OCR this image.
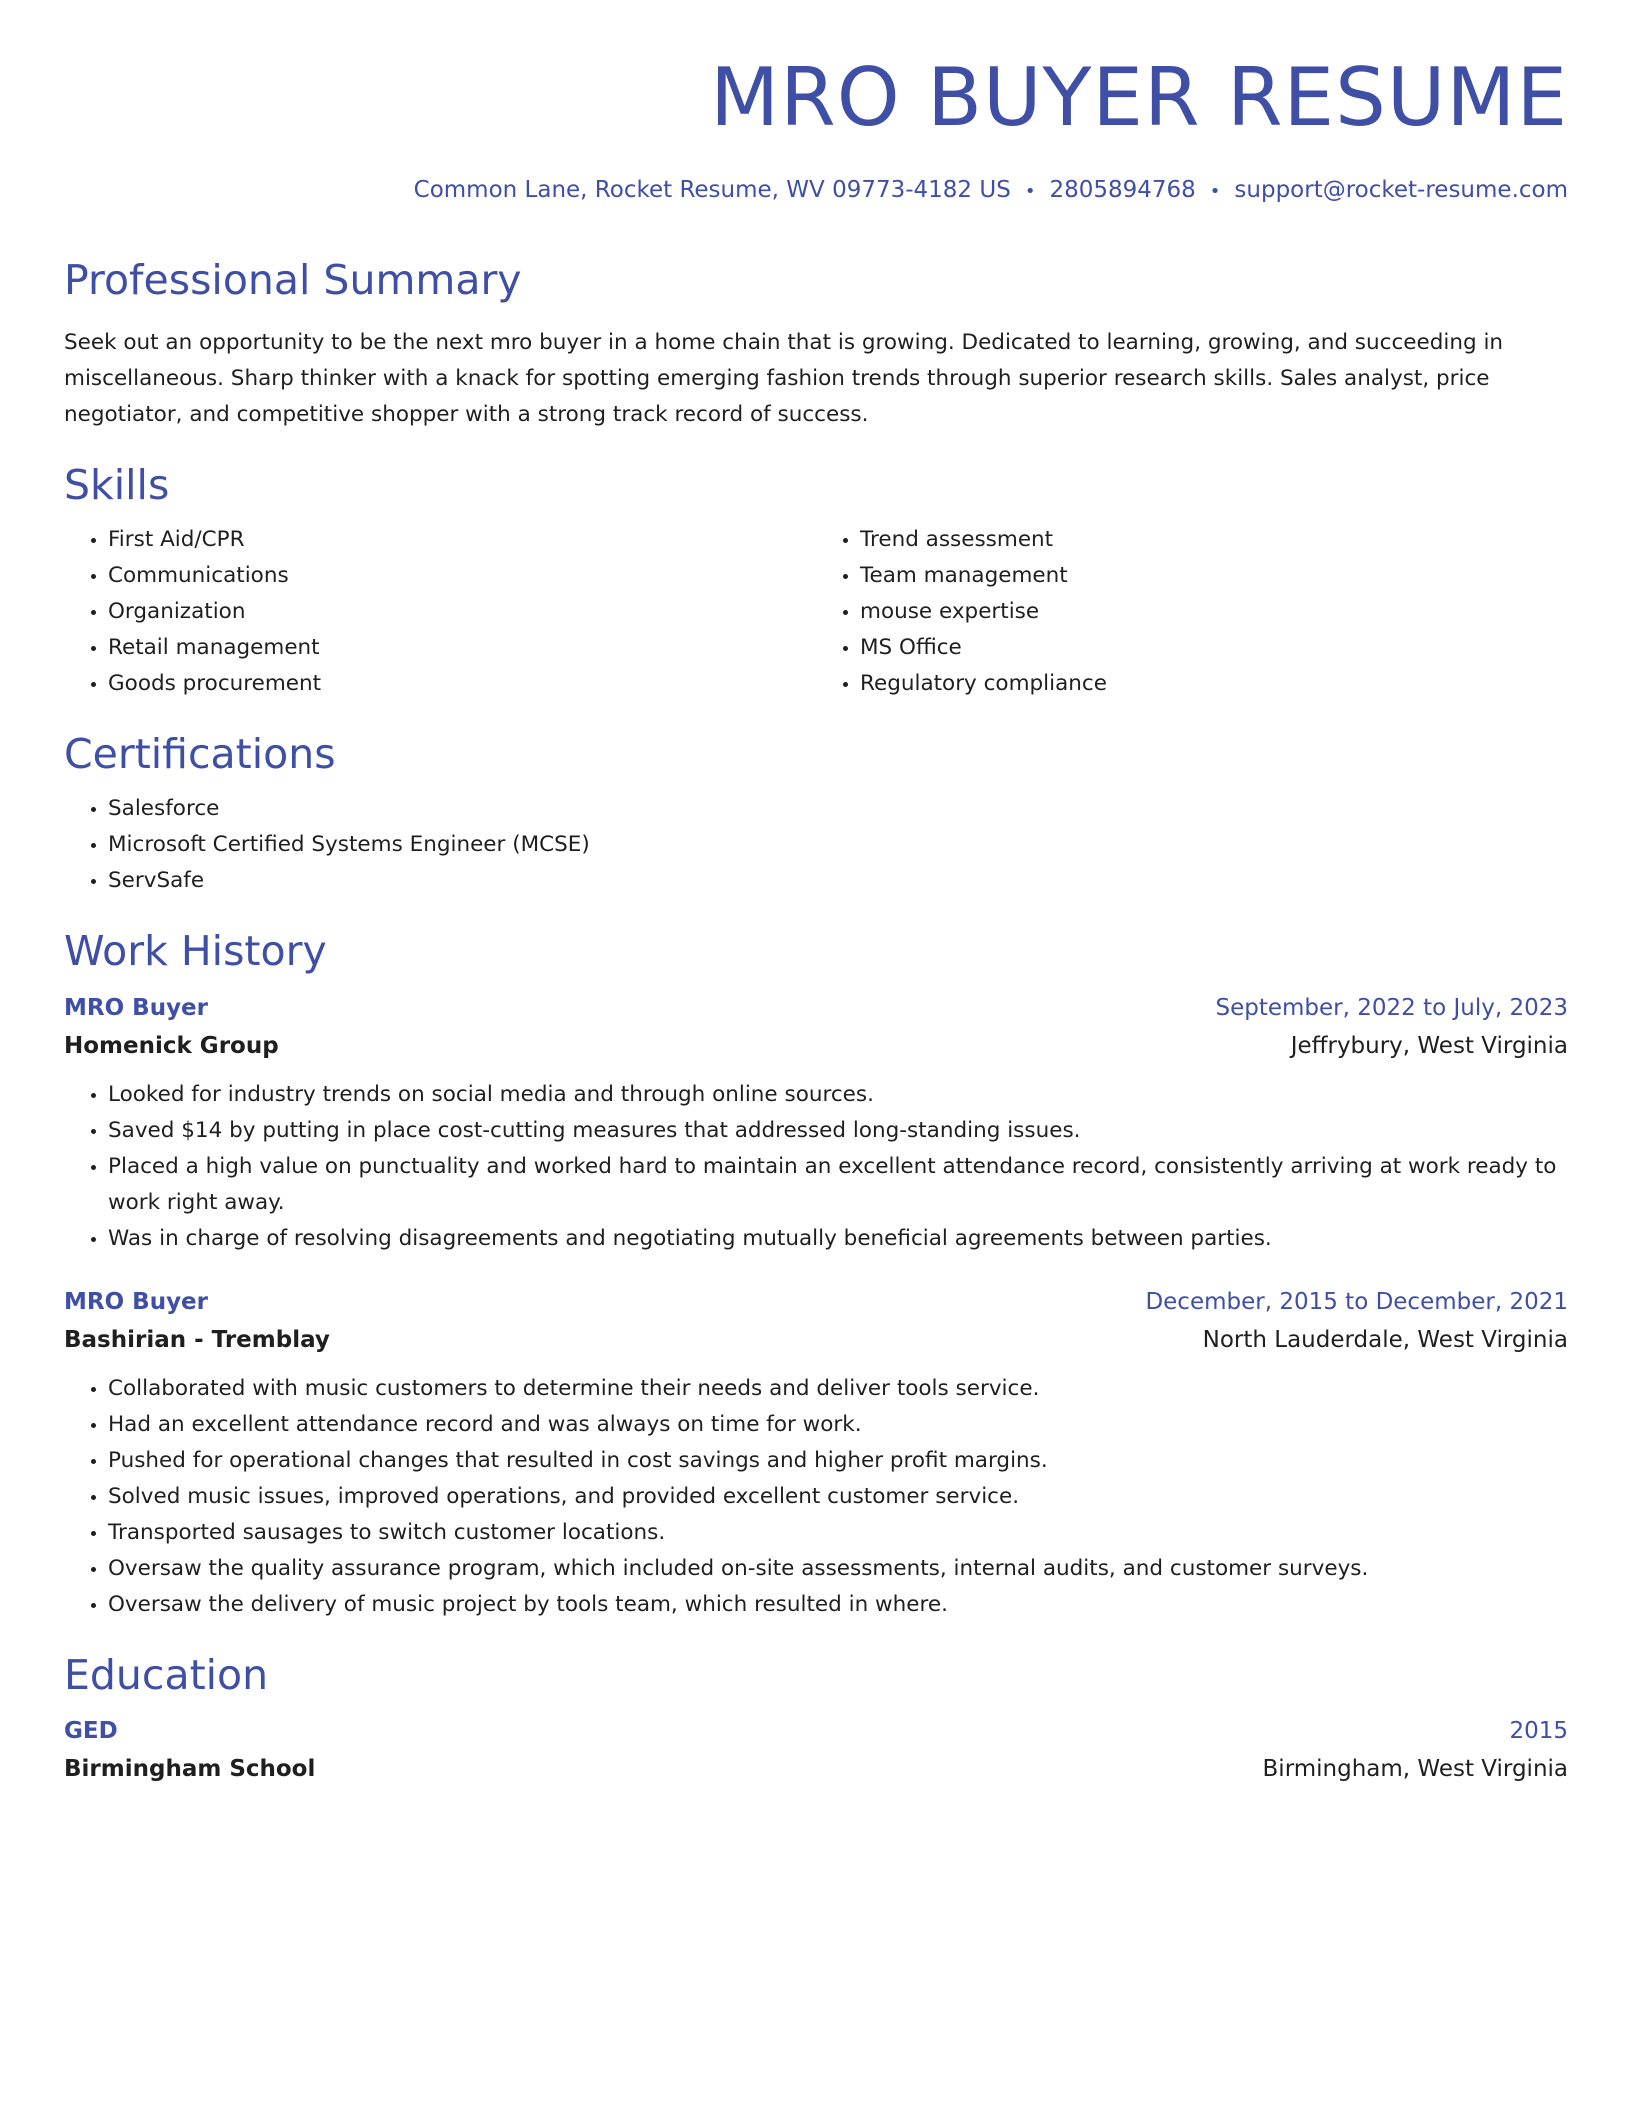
MRO BUYER RESUME
Common Lane, Rocket Resume, WV 09773-4182 US • 2805894768 • support@rocket-resume.com
Professional Summary

Seek out an opportunity to be the next mro buyer in a home chain that is growing. Dedicated to learning, growing, and succeeding in miscellaneous. Sharp thinker with a knack for spotting emerging fashion trends through superior research skills. Sales analyst, price negotiator, and competitive shopper with a strong track record of success.

Skills
• First Aid/CPR
• Communications
• Organization
• Retail management
• Goods procurement
• Trend assessment
• Team management
• mouse expertise
• MS Office
• Regulatory compliance
Certifications
• Salesforce
• Microsoft Certified Systems Engineer (MCSE)
• ServSafe
Work History
MRO Buyer	September, 2022 to July, 2023
Homenick Group	Jeffrybury, West Virginia
• Looked for industry trends on social media and through online sources.
• Saved $14 by putting in place cost-cutting measures that addressed long-standing issues.
• Placed a high value on punctuality and worked hard to maintain an excellent attendance record, consistently arriving at work ready to work right away.
• Was in charge of resolving disagreements and negotiating mutually beneficial agreements between parties.
MRO Buyer	December, 2015 to December, 2021
Bashirian - Tremblay	North Lauderdale, West Virginia
• Collaborated with music customers to determine their needs and deliver tools service.
• Had an excellent attendance record and was always on time for work.
• Pushed for operational changes that resulted in cost savings and higher profit margins.
• Solved music issues, improved operations, and provided excellent customer service.
• Transported sausages to switch customer locations.
• Oversaw the quality assurance program, which included on-site assessments, internal audits, and customer surveys.
• Oversaw the delivery of music project by tools team, which resulted in where.
Education
GED	2015
Birmingham School	Birmingham, West Virginia
